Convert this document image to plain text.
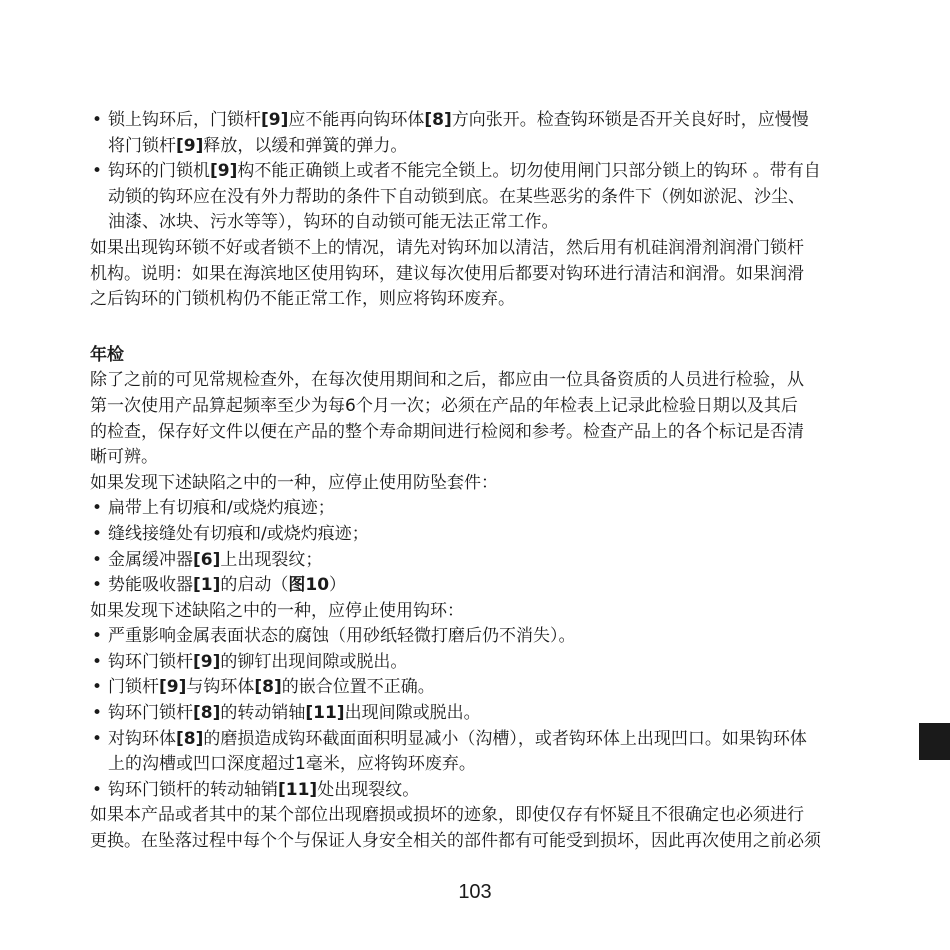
• 锁上钩环后，门锁杆[9]应不能再向钩环体[8]方向张开。检查钩环锁是否开关良好时，应慢慢
将门锁杆[9]释放，以缓和弹簧的弹力。
• 钩环的门锁机[9]构不能正确锁上或者不能完全锁上。切勿使用闸门只部分锁上的钩环 。带有自
动锁的钩环应在没有外力帮助的条件下自动锁到底。在某些恶劣的条件下（例如淤泥、沙尘、
油漆、冰块、污水等等），钩环的自动锁可能无法正常工作。
如果出现钩环锁不好或者锁不上的情况，请先对钩环加以清洁，然后用有机硅润滑剂润滑门锁杆
机构。说明：如果在海滨地区使用钩环，建议每次使用后都要对钩环进行清洁和润滑。如果润滑
之后钩环的门锁机构仍不能正常工作，则应将钩环废弃。
年检
除了之前的可见常规检查外，在每次使用期间和之后，都应由一位具备资质的人员进行检验，从
第一次使用产品算起频率至少为每6个月一次；必须在产品的年检表上记录此检验日期以及其后
的检查，保存好文件以便在产品的整个寿命期间进行检阅和参考。检查产品上的各个标记是否清
晰可辨。
如果发现下述缺陷之中的一种，应停止使用防坠套件：
• 扁带上有切痕和/或烧灼痕迹；
• 缝线接缝处有切痕和/或烧灼痕迹；
• 金属缓冲器[6]上出现裂纹；
• 势能吸收器[1]的启动（图10）
如果发现下述缺陷之中的一种，应停止使用钩环：
• 严重影响金属表面状态的腐蚀（用砂纸轻微打磨后仍不消失）。
• 钩环门锁杆[9]的铆钉出现间隙或脱出。
• 门锁杆[9]与钩环体[8]的嵌合位置不正确。
• 钩环门锁杆[8]的转动销轴[11]出现间隙或脱出。
• 对钩环体[8]的磨损造成钩环截面面积明显减小（沟槽），或者钩环体上出现凹口。如果钩环体
上的沟槽或凹口深度超过1毫米，应将钩环废弃。
• 钩环门锁杆的转动轴销[11]处出现裂纹。
如果本产品或者其中的某个部位出现磨损或损坏的迹象，即使仅存有怀疑且不很确定也必须进行
更换。在坠落过程中每个个与保证人身安全相关的部件都有可能受到损坏，因此再次使用之前必须
103
